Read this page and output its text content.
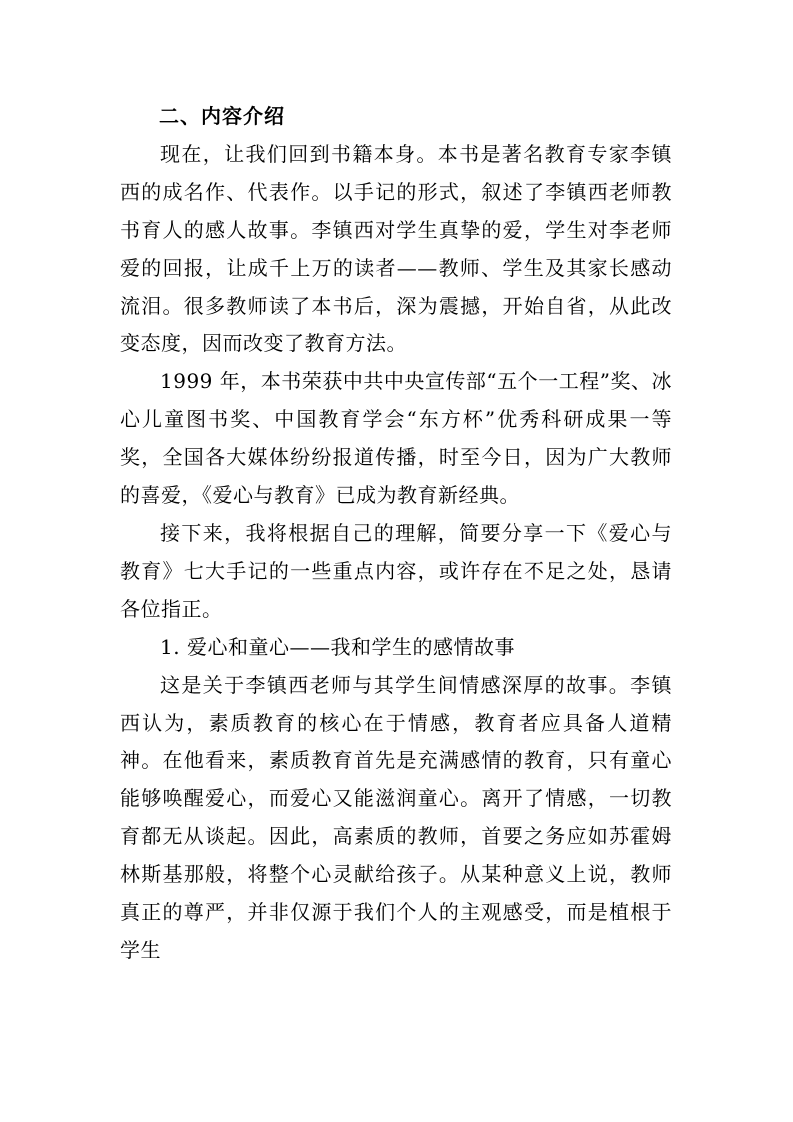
二、内容介绍

现在，让我们回到书籍本身。本书是著名教育专家李镇西的成名作、代表作。以手记的形式，叙述了李镇西老师教书育人的感人故事。李镇西对学生真挚的爱，学生对李老师爱的回报，让成千上万的读者——教师、学生及其家长感动流泪。很多教师读了本书后，深为震撼，开始自省，从此改变态度，因而改变了教育方法。

1999 年，本书荣获中共中央宣传部“五个一工程”奖、冰心儿童图书奖、中国教育学会“东方杯”优秀科研成果一等奖，全国各大媒体纷纷报道传播，时至今日，因为广大教师的喜爱，《爱心与教育》已成为教育新经典。

接下来，我将根据自己的理解，简要分享一下《爱心与教育》七大手记的一些重点内容，或许存在不足之处，恳请各位指正。

1. 爱心和童心——我和学生的感情故事

这是关于李镇西老师与其学生间情感深厚的故事。李镇西认为，素质教育的核心在于情感，教育者应具备人道精神。在他看来，素质教育首先是充满感情的教育，只有童心能够唤醒爱心，而爱心又能滋润童心。离开了情感，一切教育都无从谈起。因此，高素质的教师，首要之务应如苏霍姆林斯基那般，将整个心灵献给孩子。从某种意义上说，教师真正的尊严，并非仅源于我们个人的主观感受，而是植根于学生
